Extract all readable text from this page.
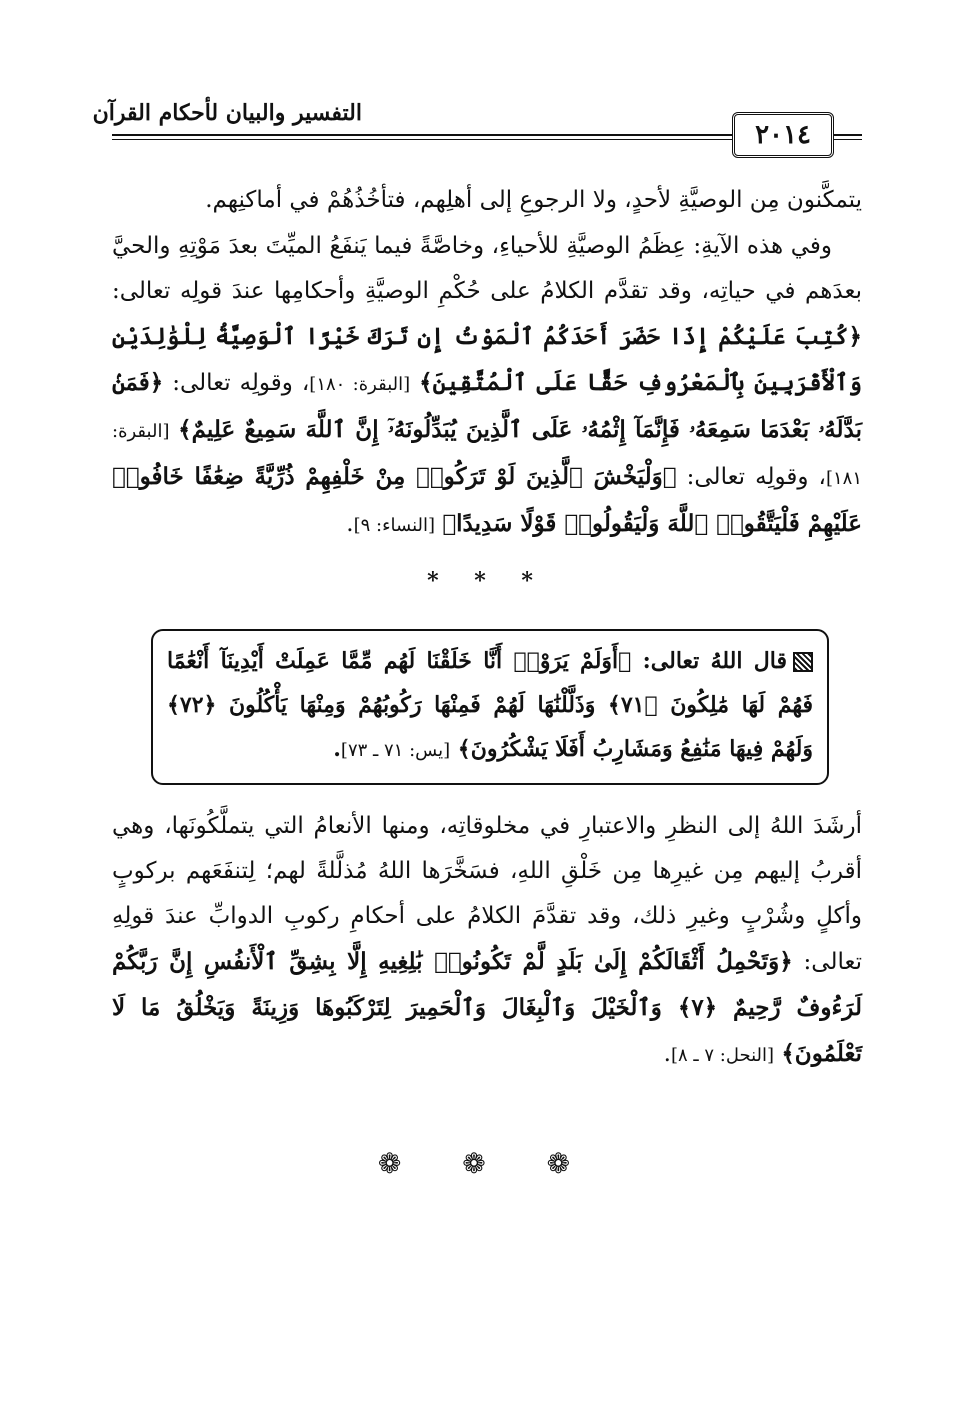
التفسير والبيان لأحكام القرآن
٢٠١٤

يتمكَّنون مِن الوصيَّةِ لأحدٍ، ولا الرجوعِ إلى أهلِهم، فتأخُذُهُمْ في أماكنِهم.

وفي هذه الآيةِ: عِظَمُ الوصيَّةِ للأحياءِ، وخاصَّةً فيما يَنفَعُ الميِّتَ بعدَ مَوْتِهِ والحيَّ بعدَهم في حياتِه، وقد تقدَّم الكلامُ على حُكْمِ الوصيَّةِ وأحكامِها عندَ قولِه تعالى: ﴿كُتِبَ عَلَيْكُمْ إِذَا حَضَرَ أَحَدَكُمُ ٱلْمَوْتُ إِن تَرَكَ خَيْرًا ٱلْوَصِيَّةُ لِلْوَٰلِدَيْنِ وَٱلْأَقْرَبِينَ بِٱلْمَعْرُوفِ حَقًّا عَلَى ٱلْمُتَّقِينَ﴾ [البقرة: ١٨٠]، وقولِه تعالى: ﴿فَمَنۢ بَدَّلَهُۥ بَعْدَمَا سَمِعَهُۥ فَإِنَّمَآ إِثْمُهُۥ عَلَى ٱلَّذِينَ يُبَدِّلُونَهُۥٓ إِنَّ ٱللَّهَ سَمِيعٌ عَلِيمٌ﴾ [البقرة: ١٨١]، وقولِه تعالى: ﴿وَلْيَخْشَ ٱلَّذِينَ لَوْ تَرَكُوا۟ مِنْ خَلْفِهِمْ ذُرِّيَّةً ضِعَٰفًا خَافُوا۟ عَلَيْهِمْ فَلْيَتَّقُوا۟ ٱللَّهَ وَلْيَقُولُوا۟ قَوْلًا سَدِيدًا﴾ [النساء: ٩].

* * *
قال اللهُ تعالى: ﴿أَوَلَمْ يَرَوْا۟ أَنَّا خَلَقْنَا لَهُم مِّمَّا عَمِلَتْ أَيْدِينَآ أَنْعَٰمًا فَهُمْ لَهَا مَٰلِكُونَ ﴿٧١﴾ وَذَلَّلْنَٰهَا لَهُمْ فَمِنْهَا رَكُوبُهُمْ وَمِنْهَا يَأْكُلُونَ ﴿٧٢﴾ وَلَهُمْ فِيهَا مَنَٰفِعُ وَمَشَارِبُ أَفَلَا يَشْكُرُونَ﴾ [يس: ٧١ ـ ٧٣].

أرشَدَ اللهُ إلى النظرِ والاعتبارِ في مخلوقاتِه، ومنها الأنعامُ التي يتملَّكُونَها، وهي أقربُ إليهم مِن غيرِها مِن خَلْقِ اللهِ، فسَخَّرَها اللهُ مُذلَّلةً لهم؛ لِتنفَعَهم بركوبٍ وأكلٍ وشُرْبٍ وغيرِ ذلك، وقد تقدَّمَ الكلامُ على أحكامِ ركوبِ الدوابِّ عندَ قولِهِ تعالى: ﴿وَتَحْمِلُ أَثْقَالَكُمْ إِلَىٰ بَلَدٍ لَّمْ تَكُونُوا۟ بَٰلِغِيهِ إِلَّا بِشِقِّ ٱلْأَنفُسِ إِنَّ رَبَّكُمْ لَرَءُوفٌ رَّحِيمٌ ﴿٧﴾ وَٱلْخَيْلَ وَٱلْبِغَالَ وَٱلْحَمِيرَ لِتَرْكَبُوهَا وَزِينَةً وَيَخْلُقُ مَا لَا تَعْلَمُونَ﴾ [النحل: ٧ ـ ٨].

❁ ❁ ❁
